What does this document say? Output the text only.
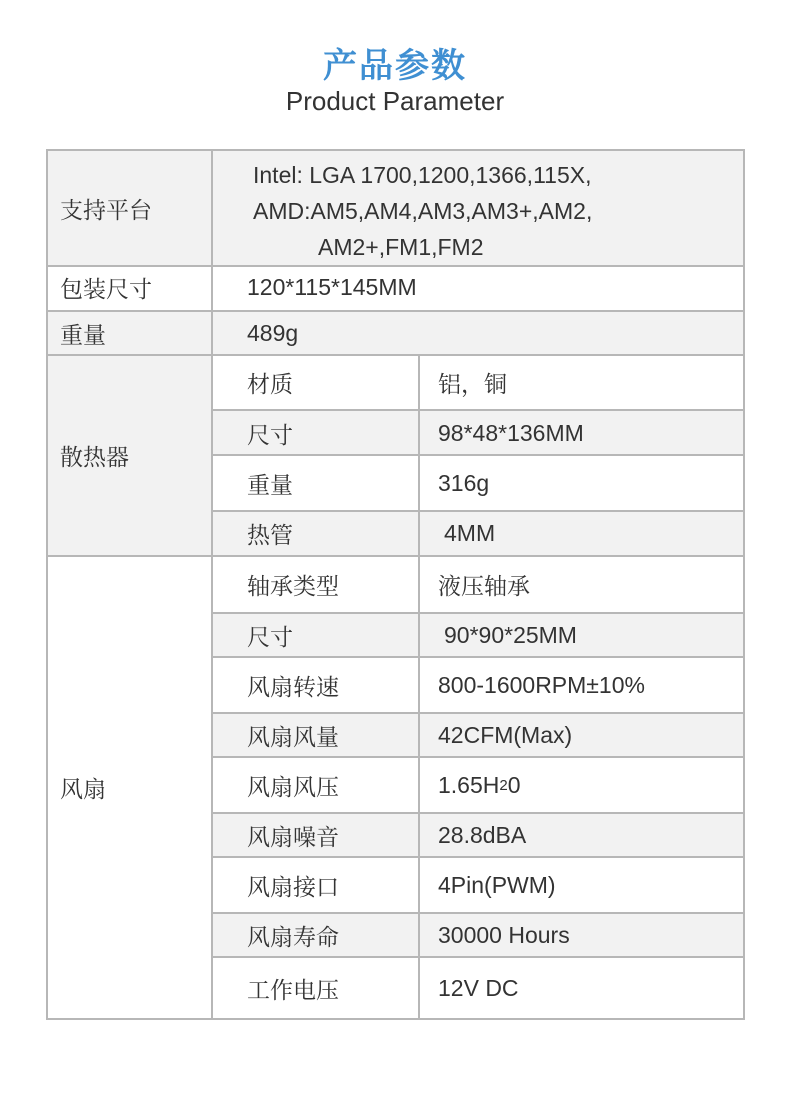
产品参数
Product Parameter
支持平台
Intel: LGA 1700,1200,1366,115X,
AMD:AM5,AM4,AM3,AM3+,AM2,
AM2+,FM1,FM2
包装尺寸	120*115*145MM
重量	489g
散热器
材质	铝，铜
尺寸	98*48*136MM
重量	316g
热管	4MM
风扇
轴承类型	液压轴承
尺寸	90*90*25MM
风扇转速	800-1600RPM±10%
风扇风量	42CFM(Max)
风扇风压	1.65H 2 0
风扇噪音	28.8dBA
风扇接口	4Pin(PWM)
风扇寿命	30000 Hours
工作电压	12V DC
